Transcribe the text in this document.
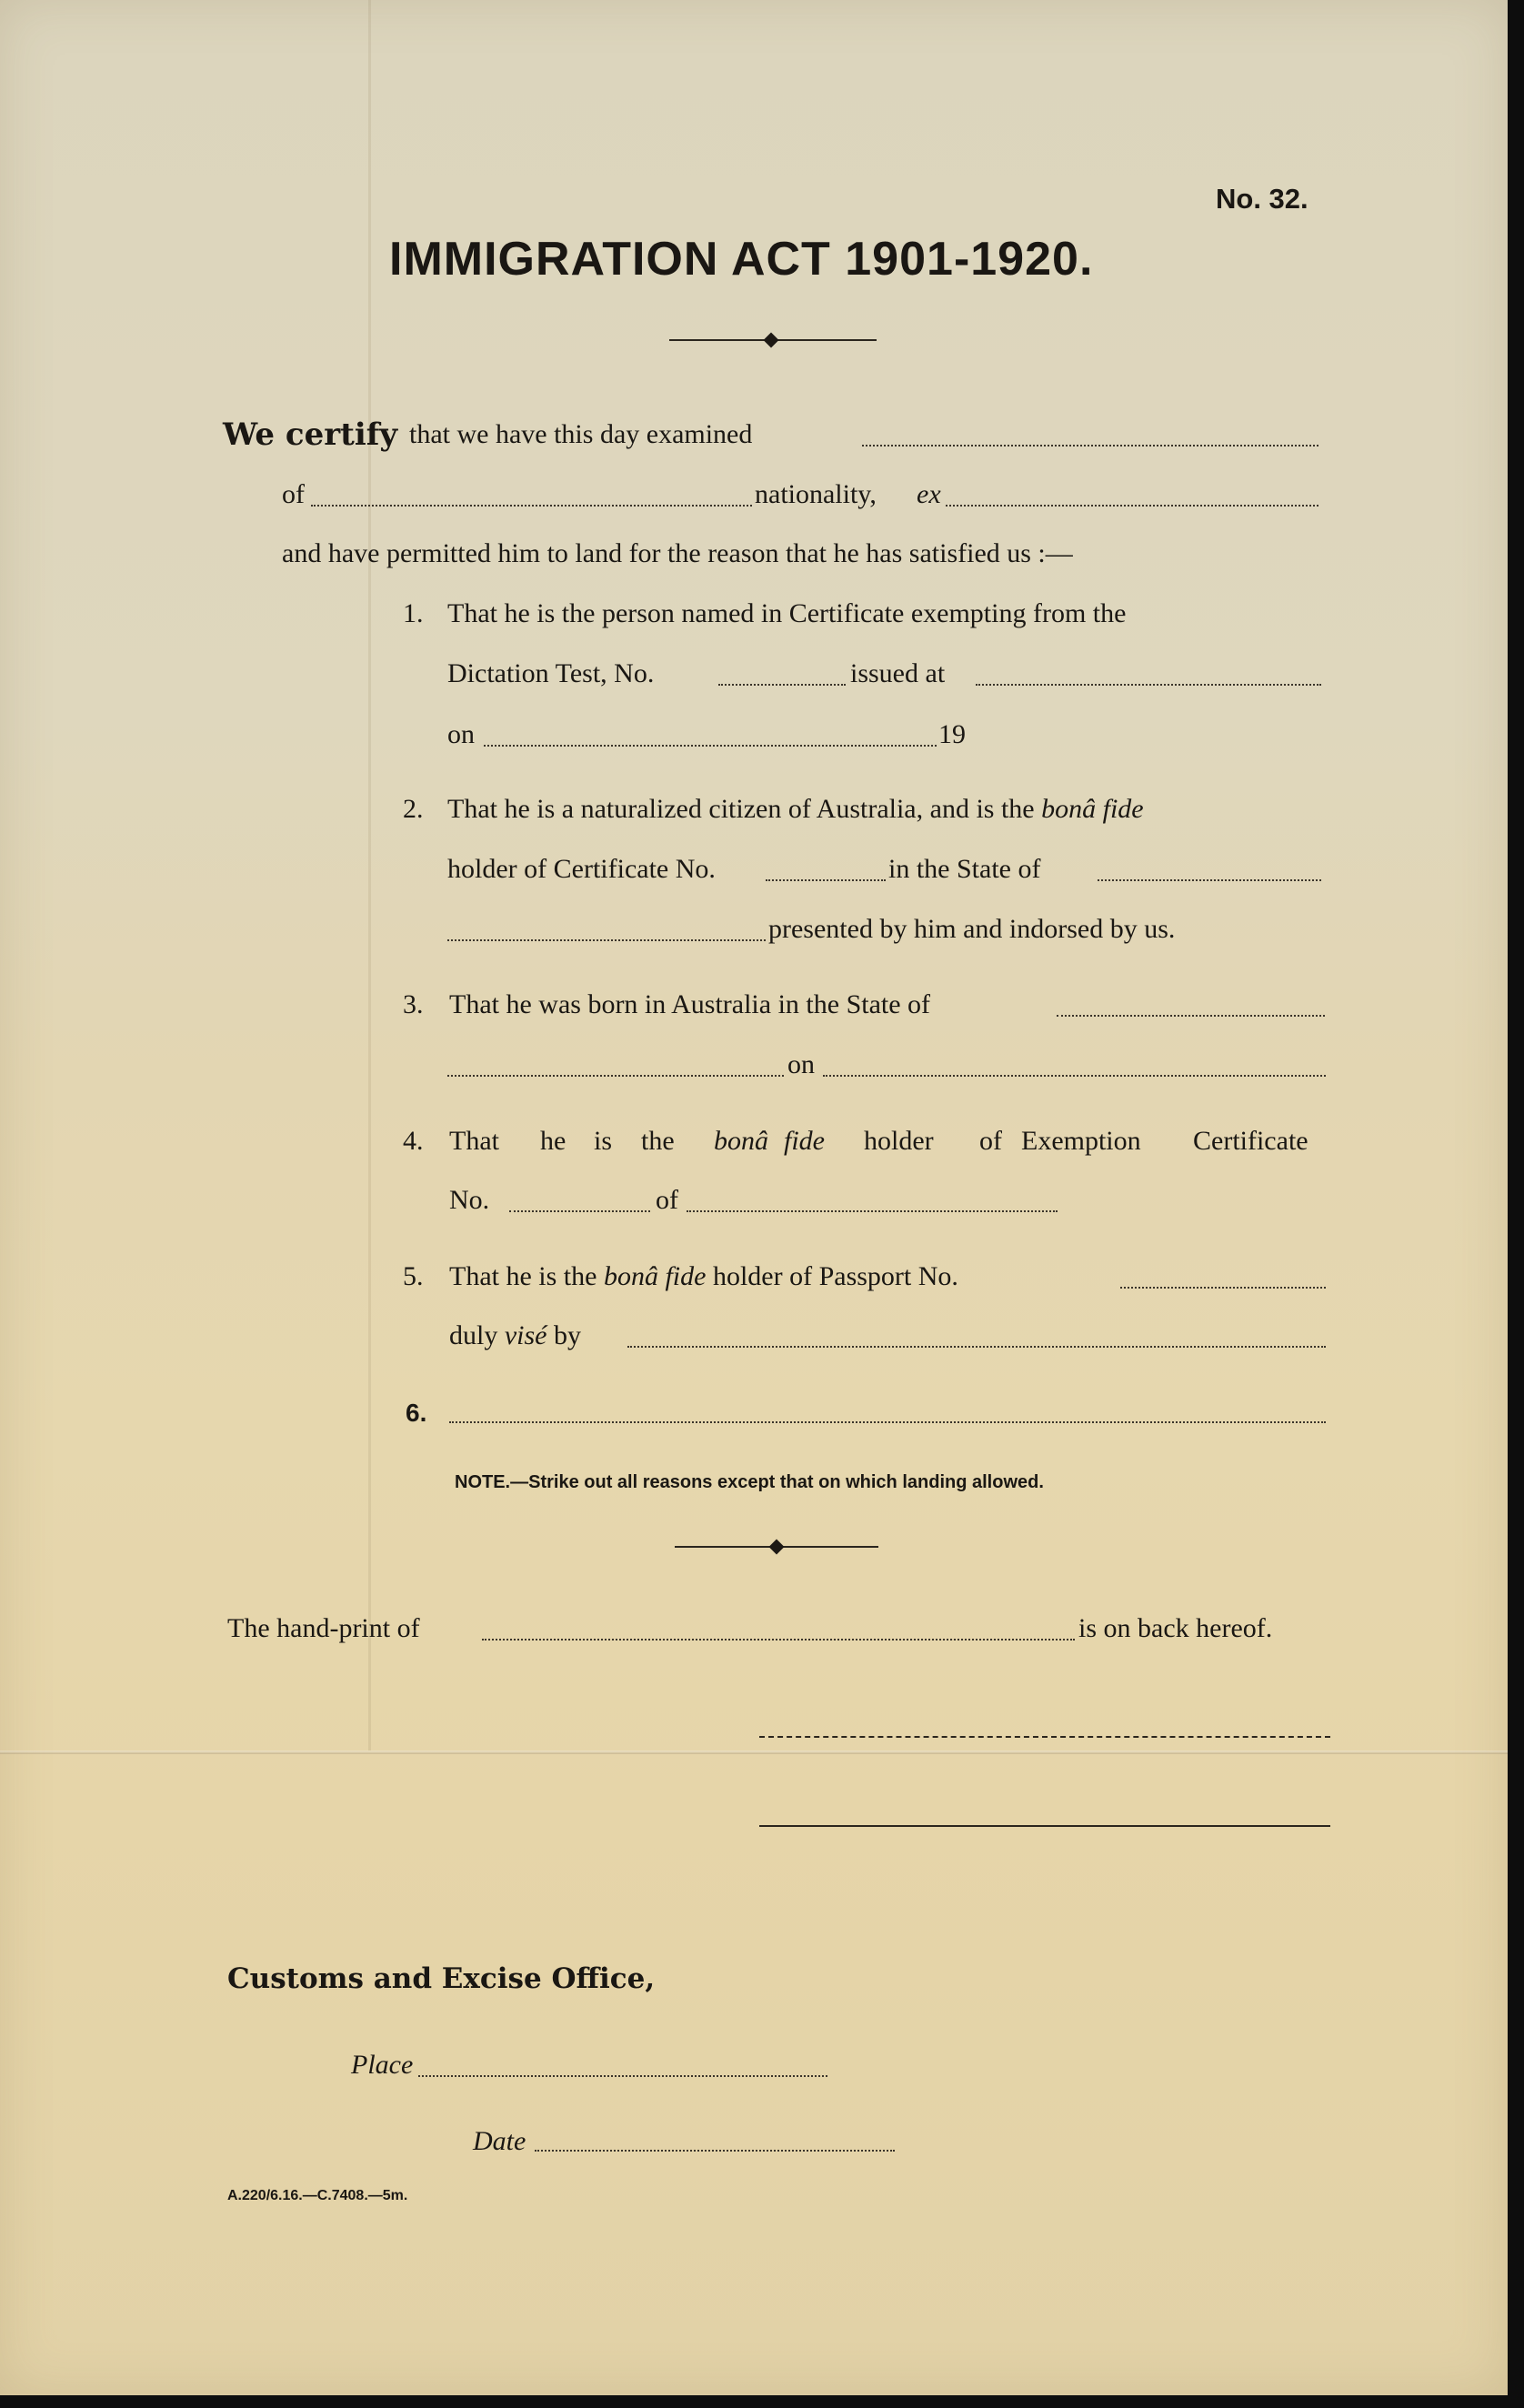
No. 32.
IMMIGRATION ACT 1901-1920.
We certify that we have this day examined
of	nationality, ex
and have permitted him to land for the reason that he has satisfied us :—
1. That he is the person named in Certificate exempting from the
Dictation Test, No.	issued at
on	19
2. That he is a naturalized citizen of Australia, and is the bonâ fide
holder of Certificate No.	in the State of
presented by him and indorsed by us.
3. That he was born in Australia in the State of
on
4. That he is the bonâ fide holder of Exemption Certificate
No.	of
5. That he is the bonâ fide holder of Passport No.
duly visé by
6.
NOTE.—Strike out all reasons except that on which landing allowed.
The hand-print of	is on back hereof.
Customs and Excise Office,
Place
Date
A.220/6.16.—C.7408.—5m.
